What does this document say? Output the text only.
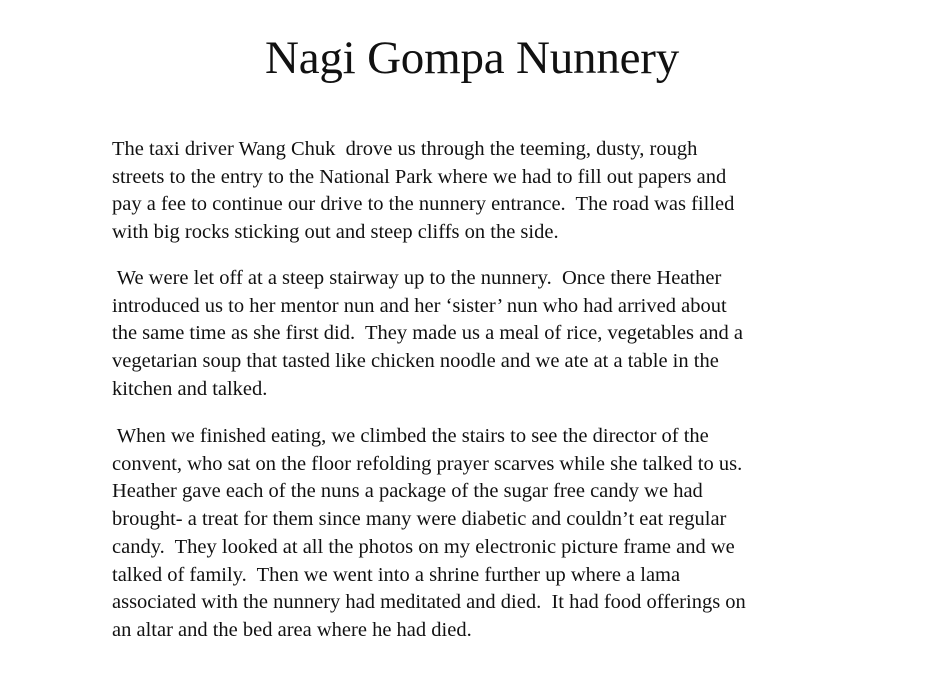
Nagi Gompa Nunnery
The taxi driver Wang Chuk  drove us through the teeming, dusty, rough
streets to the entry to the National Park where we had to fill out papers and
pay a fee to continue our drive to the nunnery entrance.  The road was filled
with big rocks sticking out and steep cliffs on the side.
We were let off at a steep stairway up to the nunnery.  Once there Heather
introduced us to her mentor nun and her ‘sister’ nun who had arrived about
the same time as she first did.  They made us a meal of rice, vegetables and a
vegetarian soup that tasted like chicken noodle and we ate at a table in the
kitchen and talked.
When we finished eating, we climbed the stairs to see the director of the
convent, who sat on the floor refolding prayer scarves while she talked to us.
Heather gave each of the nuns a package of the sugar free candy we had
brought- a treat for them since many were diabetic and couldn’t eat regular
candy.  They looked at all the photos on my electronic picture frame and we
talked of family.  Then we went into a shrine further up where a lama
associated with the nunnery had meditated and died.  It had food offerings on
an altar and the bed area where he had died.
